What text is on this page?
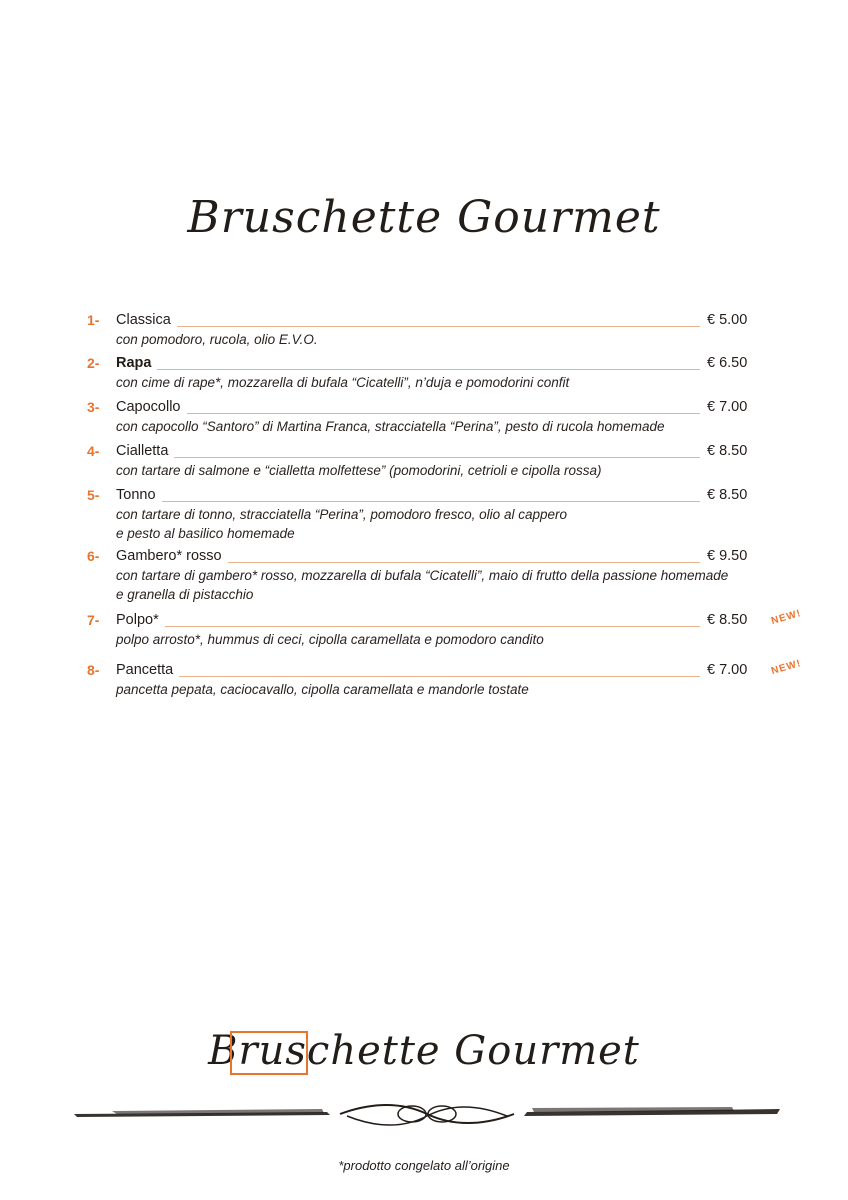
Bruschette Gourmet
1- Classica	€ 5.00
con pomodoro, rucola, olio E.V.O.
2- Rapa	€ 6.50
con cime di rape*, mozzarella di bufala “Cicatelli”, n’duja e pomodorini confit
3- Capocollo	€ 7.00
con capocollo “Santoro” di Martina Franca, stracciatella “Perina”, pesto di rucola homemade
4- Cialletta	€ 8.50
con tartare di salmone e “cialletta molfettese” (pomodorini, cetrioli e cipolla rossa)
5- Tonno	€ 8.50
con tartare di tonno, stracciatella “Perina”, pomodoro fresco, olio al cappero
e pesto al basilico homemade
6- Gambero* rosso	€ 9.50
con tartare di gambero* rosso, mozzarella di bufala “Cicatelli”, maio di frutto della passione homemade
e granella di pistacchio
7- Polpo*	€ 8.50 NEW!
polpo arrosto*, hummus di ceci, cipolla caramellata e pomodoro candito
8- Pancetta	€ 7.00 NEW!
pancetta pepata, caciocavallo, cipolla caramellata e mandorle tostate
Bruschette Gourmet
*prodotto congelato all’origine
